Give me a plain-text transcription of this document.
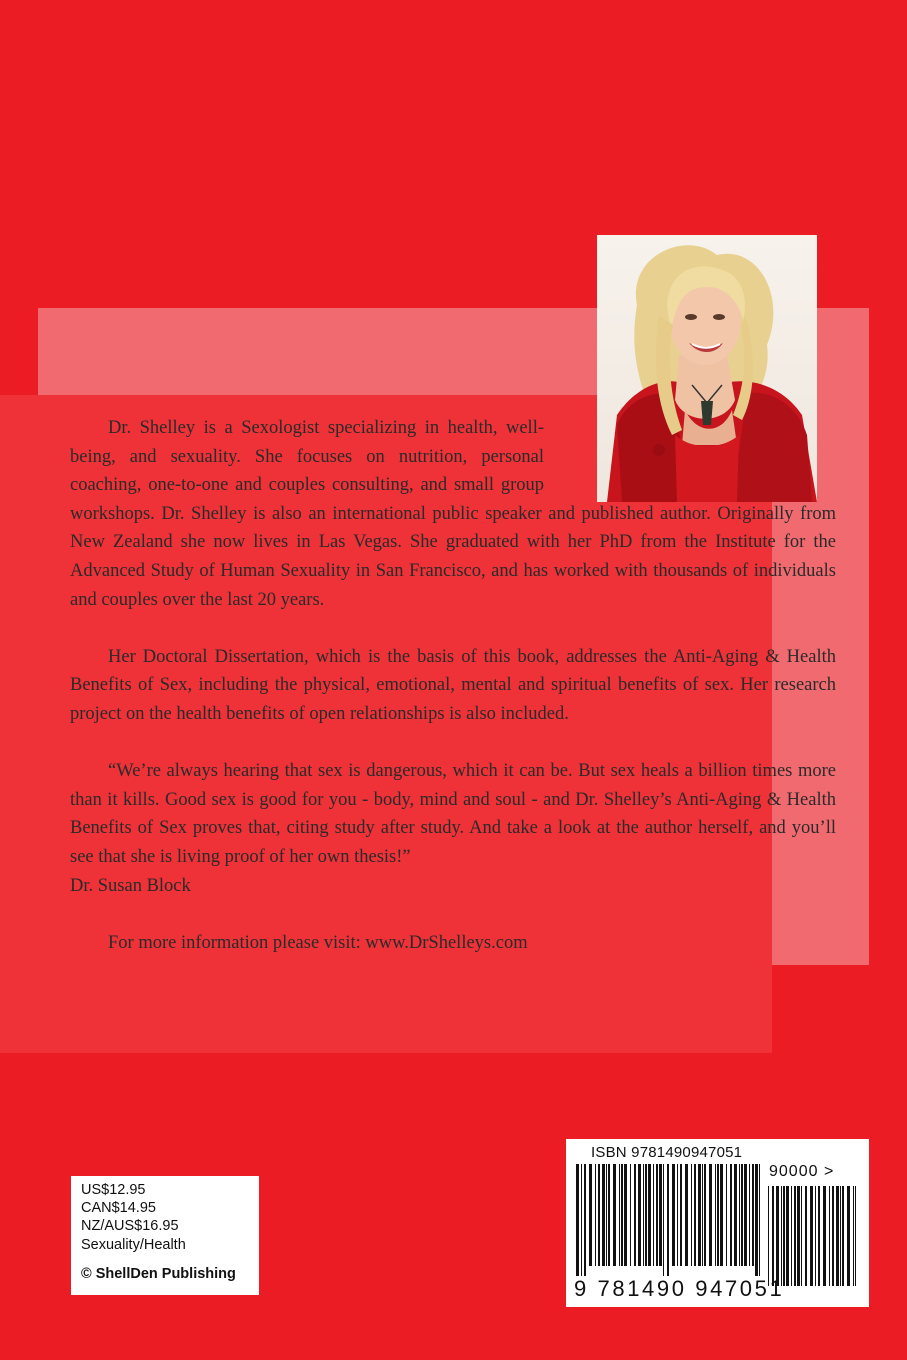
Dr. Shelley is a Sexologist specializing in health, well-being, and sexuality. She focuses on nutrition, personal coaching, one-to-one and couples consulting, and small group workshops. Dr. Shelley is also an international public speaker and published author. Originally from New Zealand she now lives in Las Vegas. She graduated with her PhD from the Institute for the Advanced Study of Human Sexuality in San Francisco, and has worked with thousands of individuals and couples over the last 20 years.

Her Doctoral Dissertation, which is the basis of this book, addresses the Anti-Aging & Health Benefits of Sex, including the physical, emotional, mental and spiritual benefits of sex. Her research project on the health benefits of open relationships is also included.

“We’re always hearing that sex is dangerous, which it can be. But sex heals a billion times more than it kills. Good sex is good for you - body, mind and soul - and Dr. Shelley’s Anti-Aging & Health Benefits of Sex proves that, citing study after study. And take a look at the author herself, and you’ll see that she is living proof of her own thesis!”
Dr. Susan Block

For more information please visit: www.DrShelleys.com

US$12.95
CAN$14.95
NZ/AUS$16.95
Sexuality/Health
© ShellDen Publishing
ISBN 9781490947051
90000 >
9 781490 947051
